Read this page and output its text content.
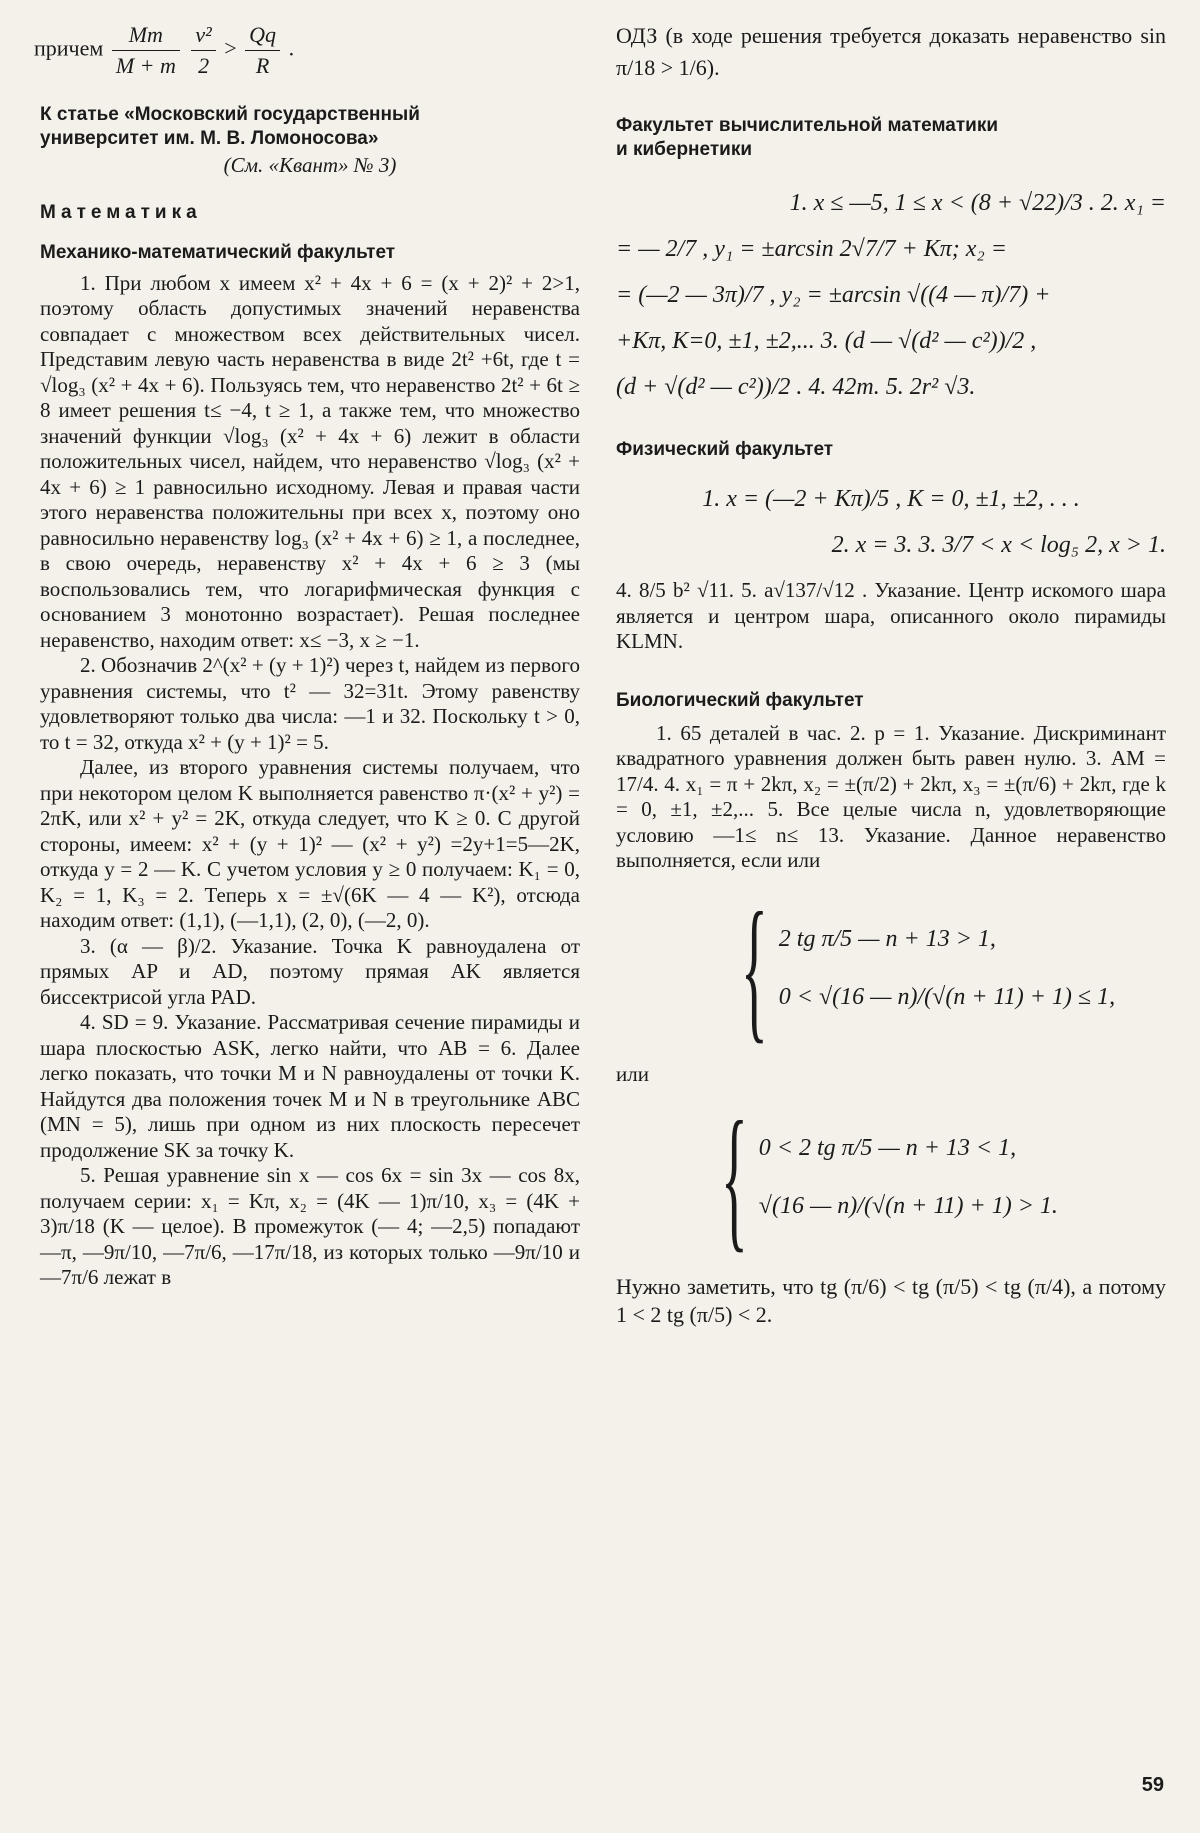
причем $\frac{Mm}{M + m}$
$\frac{\text{v²}}{2} > \frac{Qq}{R}$ .

К статье «Московский государственный

университет им. М. В. Ломоносова»

(См. «Квант» № 3)

Математика

Механико-математический факультет

1. При любом x имеем x² + 4x + 6 = (x + 2)² + 2>1, поэтому область допустимых значений неравенства совпадает с множеством всех действительных чисел. Представим левую часть неравенства в виде 2t² +6t, где t = √log₃ (x² + 4x + 6). Пользуясь тем, что неравенство 2t² + 6t ≥ 8 имеет решения t≤ −4, t ≥ 1, а также тем, что множество значений функции √log₃ (x² + 4x + 6) лежит в области положительных чисел, найдем, что неравенство √log₃ (x² + 4x + 6) ≥ 1 равносильно исходному. Левая и правая части этого неравенства положительны при всех x, поэтому оно равносильно неравенству log₃ (x² + 4x + 6) ≥ 1, а последнее, в свою очередь, неравенству x² + 4x + 6 ≥ 3 (мы воспользовались тем, что логарифмическая функция с основанием 3 монотонно возрастает). Решая последнее неравенство, находим ответ: x≤ −3, x ≥ −1.

2. Обозначив 2^(x² + (y + 1)²) через t, найдем из первого уравнения системы, что t² — 32=31t. Этому равенству удовлетворяют только два числа: —1 и 32. Поскольку t > 0, то t = 32, откуда x² + (y + 1)² = 5.

Далее, из второго уравнения системы получаем, что при некотором целом K выполняется равенство π·(x² + y²) = 2πK, или x² + y² = 2K, откуда следует, что K ≥ 0. С другой стороны, имеем: x² + (y + 1)² — (x² + y²) =2y+1=5—2K, откуда y = 2 — K. С учетом условия y ≥ 0 получаем: K₁ = 0, K₂ = 1, K₃ = 2. Теперь x = ±√(6K — 4 — K²), отсюда находим ответ: (1,1), (—1,1), (2, 0), (—2, 0).

3. (α — β)/2. Указание. Точка K равноудалена от прямых AP и AD, поэтому прямая AK является биссектрисой угла PAD.

4. SD = 9. Указание. Рассматривая сечение пирамиды и шара плоскостью ASK, легко найти, что AB = 6. Далее легко показать, что точки M и N равноудалены от точки K. Найдутся два положения точек M и N в треугольнике ABC (MN = 5), лишь при одном из них плоскость пересечет продолжение SK за точку K.

5. Решая уравнение sin x — cos 6x = sin 3x — cos 8x, получаем серии: x₁ = Kπ, x₂ = (4K — 1)π/10, x₃ = (4K + 3)π/18 (K — целое). В промежуток (— 4; —2,5) попадают —π, —9π/10, —7π/6, —17π/18, из которых только —9π/10 и —7π/6 лежат в

ОДЗ (в ходе решения требуется доказать неравенство sin π/18 > 1/6).

Факультет вычислительной математики

и кибернетики

1. x ≤ —5, 1 ≤ x < (8 + √22)/3 . 2. x₁ =

= — 2/7 , y₁ = ±arcsin 2√7/7 + Kπ; x₂ =

= (—2 — 3π)/7 , y₂ = ±arcsin √((4 — π)/7) +

+Kπ, K=0, ±1, ±2,... 3. (d — √(d² — c²))/2 ,

(d + √(d² — c²))/2 . 4. 42m. 5. 2r² √3.

Физический факультет

1. x = (—2 + Kπ)/5 , K = 0, ±1, ±2, . . .

2. x = 3. 3. 3/7 < x < log₅ 2, x > 1.

4. 8/5 b² √11. 5. a√137/√12 . Указание. Центр искомого шара является и центром шара, описанного около пирамиды KLMN.

Биологический факультет

1. 65 деталей в час. 2. p = 1. Указание. Дискриминант квадратного уравнения должен быть равен нулю. 3. AM = 17/4. 4. x₁ = π + 2kπ, x₂ = ±(π/2) + 2kπ, x₃ = ±(π/6) + 2kπ, где k = 0, ±1, ±2,... 5. Все целые числа n, удовлетворяющие условию —1≤ n≤ 13. Указание. Данное неравенство выполняется, если или

{ 2 tg π/5 — n + 13 > 1,
0 < √(16 — n)/(√(n + 11) + 1) ≤ 1,

или

{ 0 < 2 tg π/5 — n + 13 < 1,
√(16 — n)/(√(n + 11) + 1) > 1.

Нужно заметить, что tg (π/6) < tg (π/5) < tg (π/4), а потому 1 < 2 tg (π/5) < 2.

59
